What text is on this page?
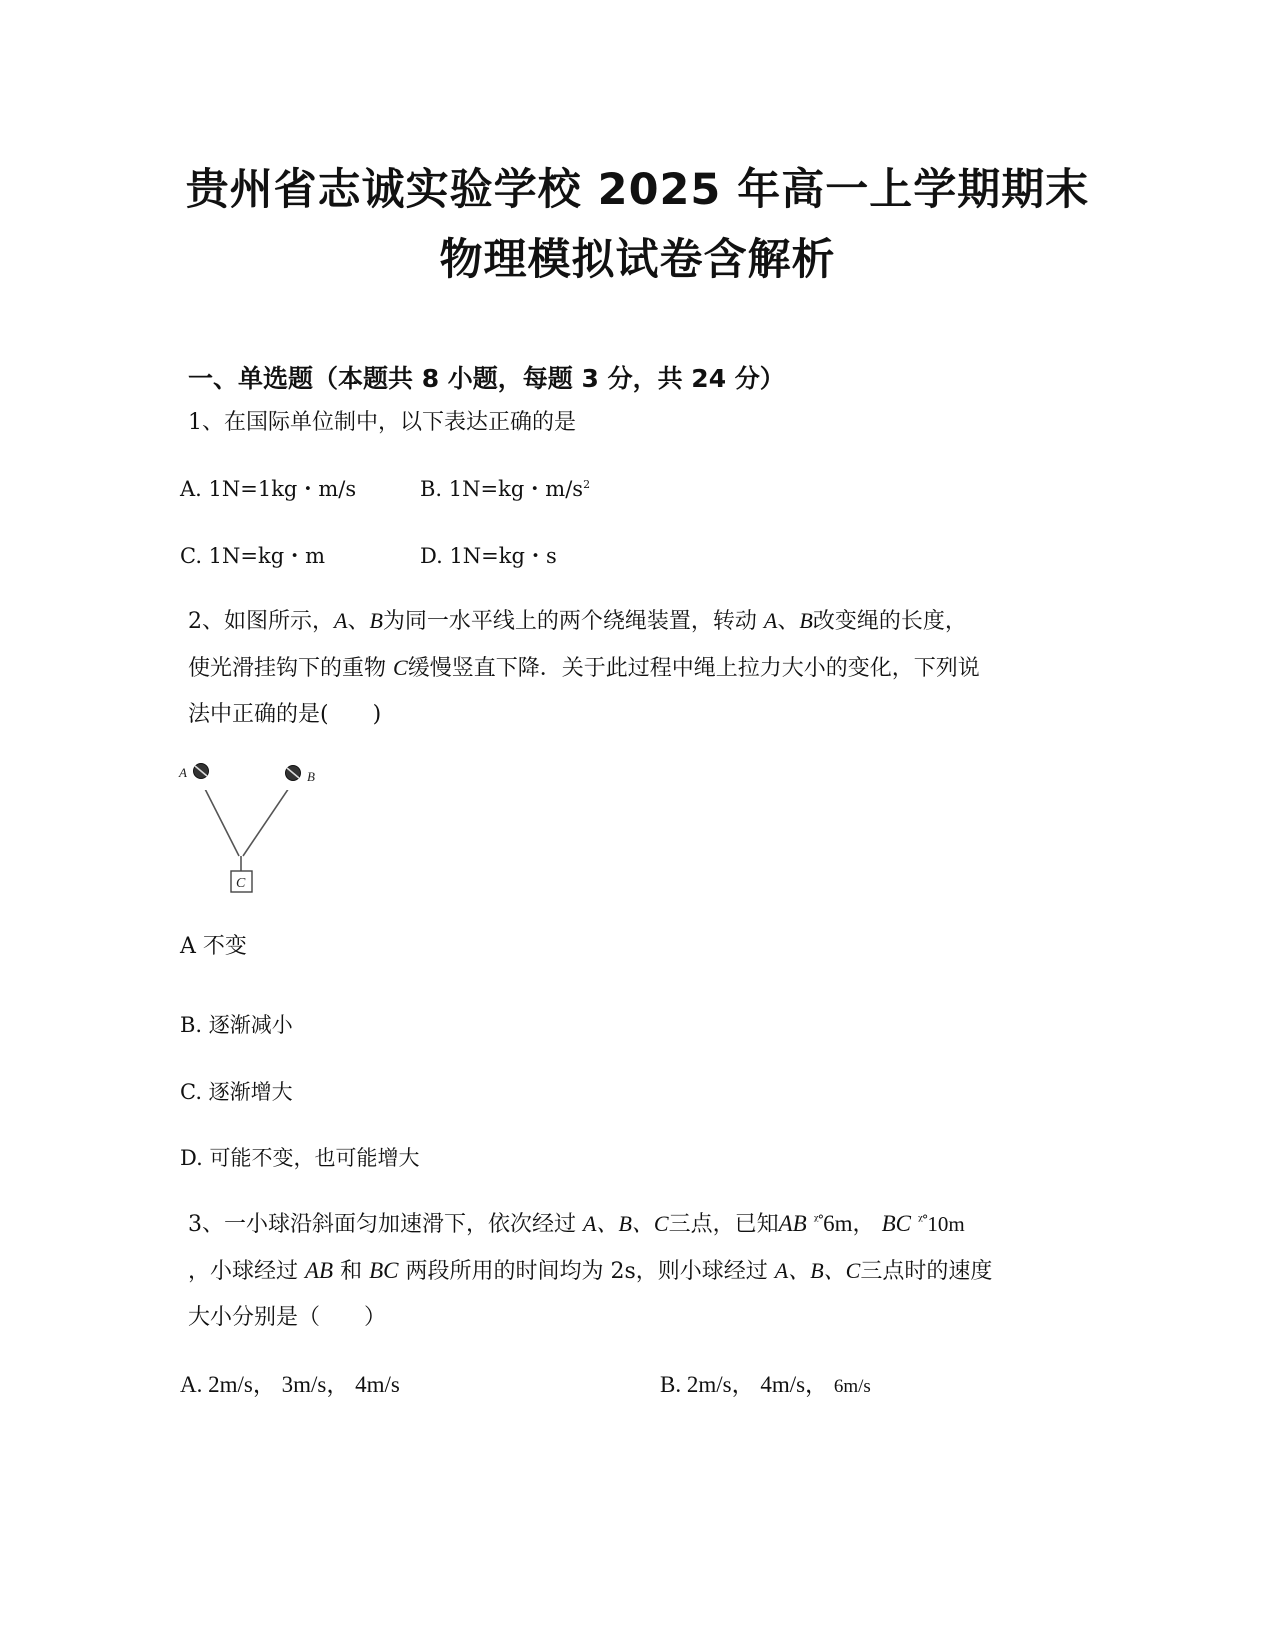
贵州省志诚实验学校 2025 年高一上学期期末
物理模拟试卷含解析
一、单选题（本题共 8 小题，每题 3 分，共 24 分）
1、在国际单位制中，以下表达正确的是
A. 1N=1kg・m/s	B. 1N=kg・$m/s^2$
C. 1N=kg・m	D. 1N=kg・s
2、如图所示，A、B为同一水平线上的两个绕绳装置，转动 A、B改变绳的长度，
使光滑挂钩下的重物 C缓慢竖直下降．关于此过程中绳上拉力大小的变化，下列说
法中正确的是(　　)
A	B
C
A 不变
B. 逐渐减小
C. 逐渐增大
D. 可能不变，也可能增大
3、一小球沿斜面匀加速滑下，依次经过 A、B、C三点，已知AB $^{ᵡ^\circ}$6m， BC $^{ᵡ^\circ}$10m
，小球经过 AB 和 BC 两段所用的时间均为 2s，则小球经过 A、B、C三点时的速度
大小分别是（　　）
A. 2m/s， 3m/s， 4m/s	B. 2m/s， 4m/s， 6m/s
